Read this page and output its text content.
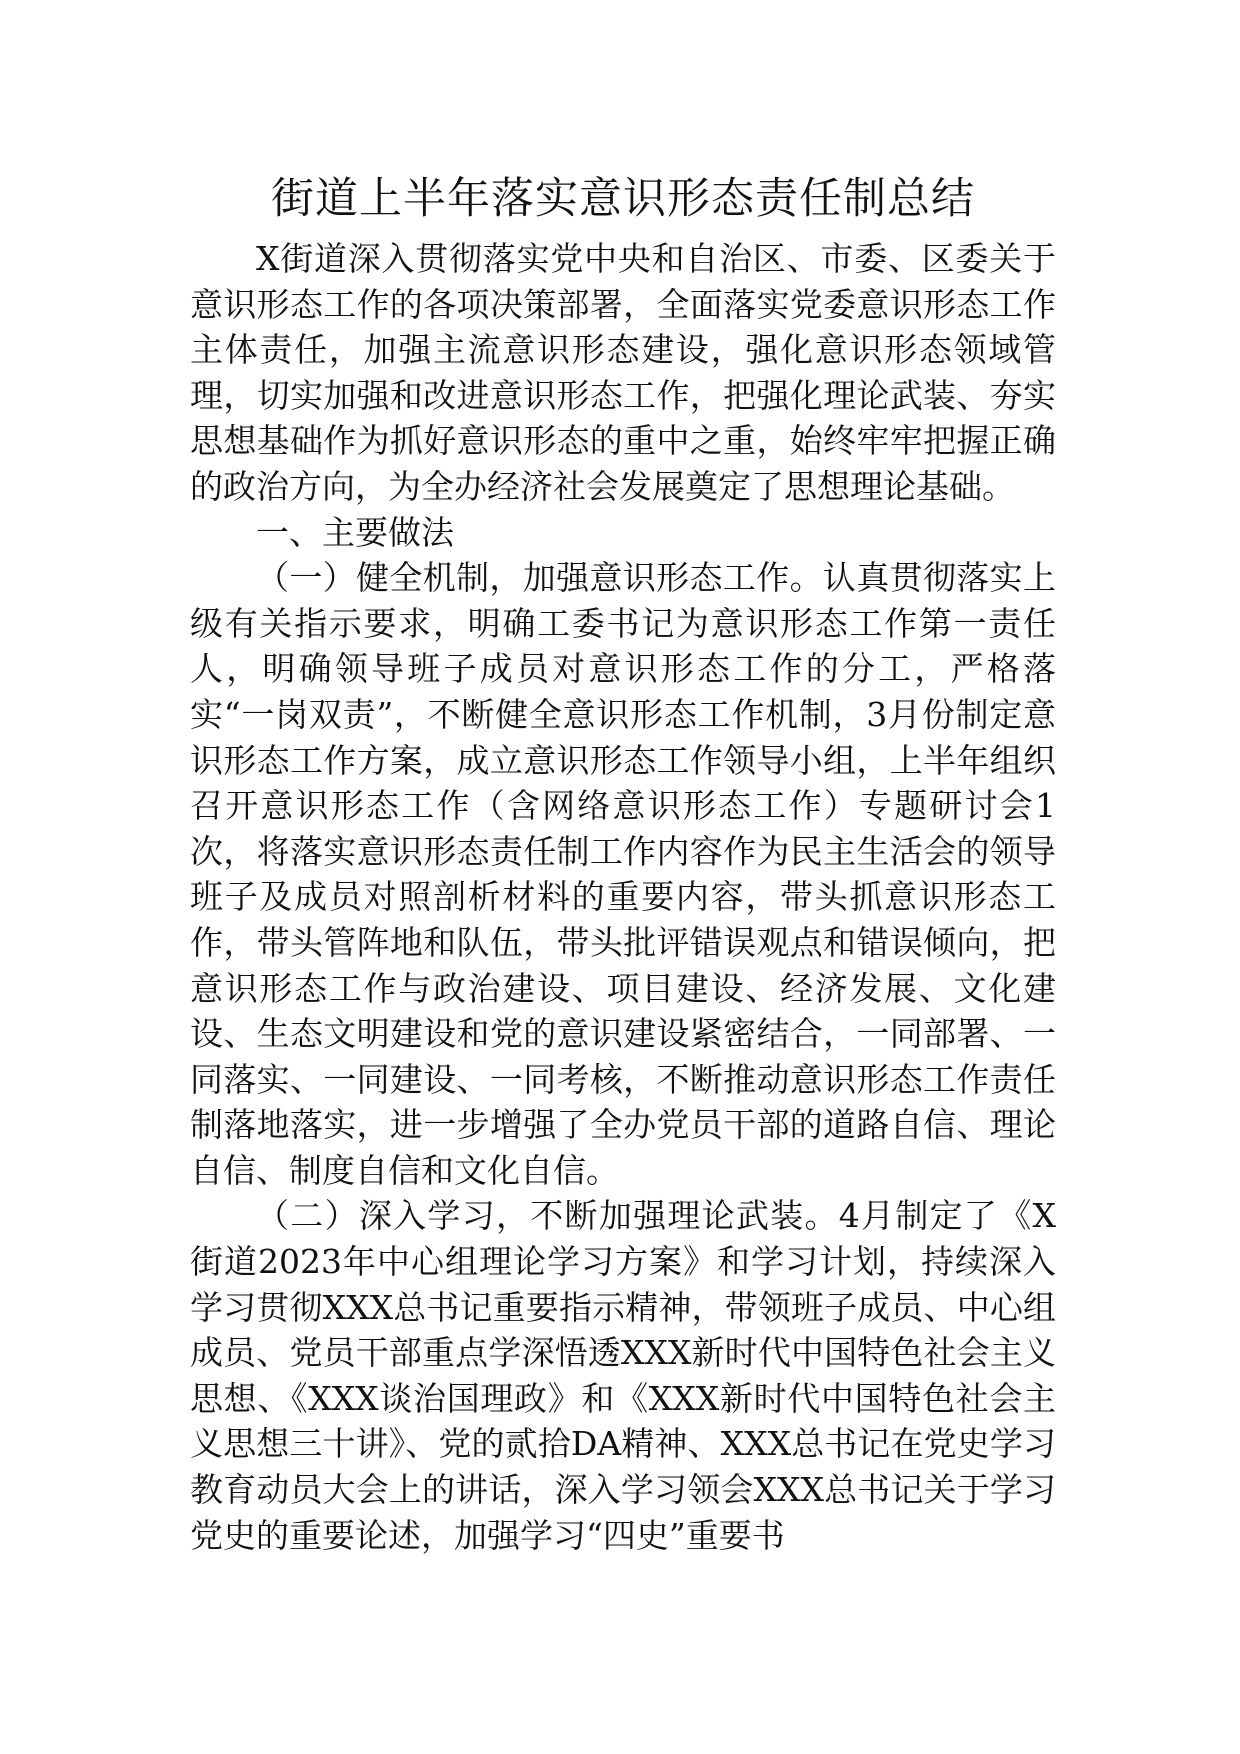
街道上半年落实意识形态责任制总结

X街道深入贯彻落实党中央和自治区、市委、区委关于意识形态工作的各项决策部署，全面落实党委意识形态工作主体责任，加强主流意识形态建设，强化意识形态领域管理，切实加强和改进意识形态工作，把强化理论武装、夯实思想基础作为抓好意识形态的重中之重，始终牢牢把握正确的政治方向，为全办经济社会发展奠定了思想理论基础。

一、主要做法

（一）健全机制，加强意识形态工作。认真贯彻落实上级有关指示要求，明确工委书记为意识形态工作第一责任人，明确领导班子成员对意识形态工作的分工，严格落实“一岗双责”，不断健全意识形态工作机制，3月份制定意识形态工作方案，成立意识形态工作领导小组，上半年组织召开意识形态工作（含网络意识形态工作）专题研讨会1次，将落实意识形态责任制工作内容作为民主生活会的领导班子及成员对照剖析材料的重要内容，带头抓意识形态工作，带头管阵地和队伍，带头批评错误观点和错误倾向，把意识形态工作与政治建设、项目建设、经济发展、文化建设、生态文明建设和党的意识建设紧密结合，一同部署、一同落实、一同建设、一同考核，不断推动意识形态工作责任制落地落实，进一步增强了全办党员干部的道路自信、理论自信、制度自信和文化自信。

（二）深入学习，不断加强理论武装。4月制定了《X街道2023年中心组理论学习方案》和学习计划，持续深入学习贯彻XXX总书记重要指示精神，带领班子成员、中心组成员、党员干部重点学深悟透XXX新时代中国特色社会主义思想、《XXX谈治国理政》和《XXX新时代中国特色社会主义思想三十讲》、党的贰拾DA精神、XXX总书记在党史学习教育动员大会上的讲话，深入学习领会XXX总书记关于学习党史的重要论述，加强学习“四史”重要书
